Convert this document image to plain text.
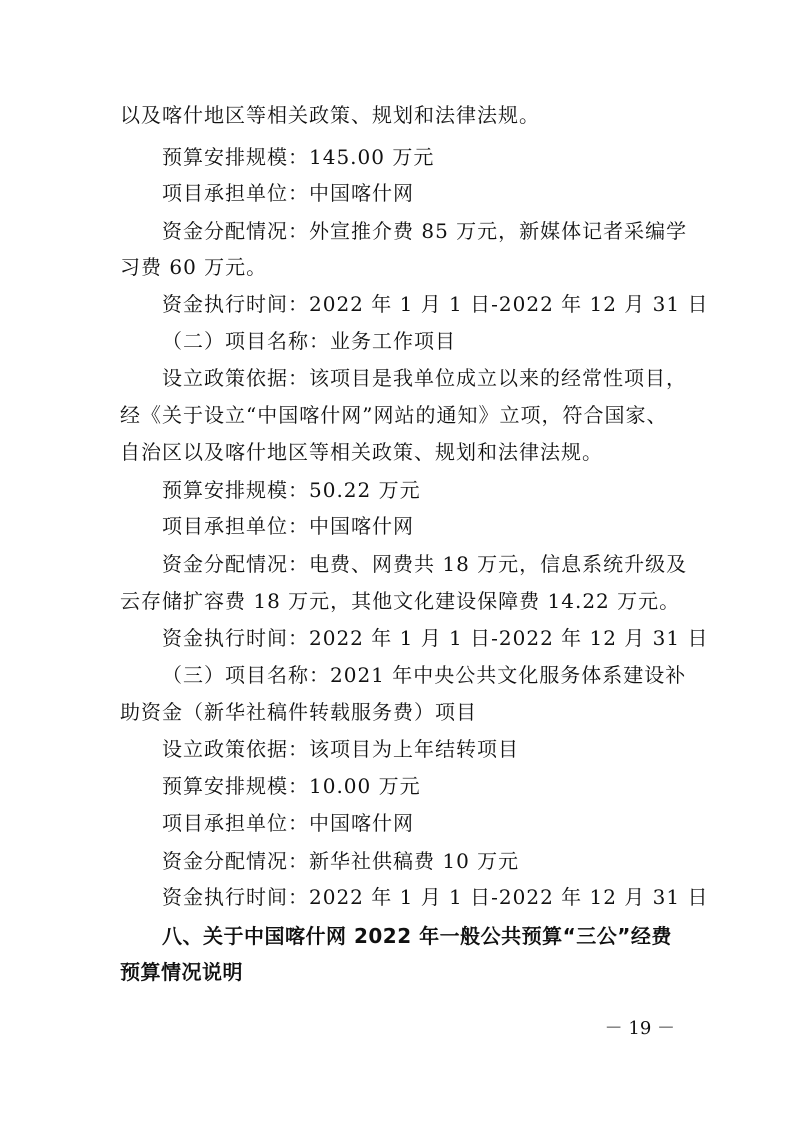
以及喀什地区等相关政策、规划和法律法规。
预算安排规模：145.00 万元
项目承担单位：中国喀什网
资金分配情况：外宣推介费 85 万元，新媒体记者采编学
习费 60 万元。
资金执行时间：2022 年 1 月 1 日-2022 年 12 月 31 日
（二）项目名称：业务工作项目
设立政策依据：该项目是我单位成立以来的经常性项目，
经《关于设立“中国喀什网”网站的通知》立项，符合国家、
自治区以及喀什地区等相关政策、规划和法律法规。
预算安排规模：50.22 万元
项目承担单位：中国喀什网
资金分配情况：电费、网费共 18 万元，信息系统升级及
云存储扩容费 18 万元，其他文化建设保障费 14.22 万元。
资金执行时间：2022 年 1 月 1 日-2022 年 12 月 31 日
（三）项目名称：2021 年中央公共文化服务体系建设补
助资金（新华社稿件转载服务费）项目
设立政策依据：该项目为上年结转项目
预算安排规模：10.00 万元
项目承担单位：中国喀什网
资金分配情况：新华社供稿费 10 万元
资金执行时间：2022 年 1 月 1 日-2022 年 12 月 31 日
八、关于中国喀什网 2022 年一般公共预算“三公”经费
预算情况说明
－ 19 －
